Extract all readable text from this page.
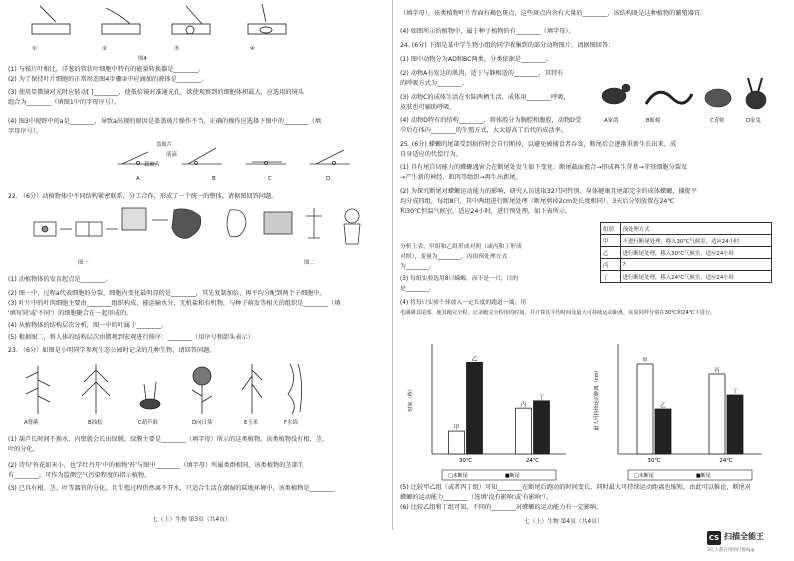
①	②	③	④
图4
(1) 与镊片叶相比，洋葱的管状叶细胞中特有的能量转换器是________。
(2) 为了保持叶片细胞的正常形态图4步骤②中应滴加的液体是________。
(3) 使用显微镜对光时应转动[ ]________，使低倍镜对准通光孔。欲使观察到的细胞体积最大，应选用的镜头
组合为________（填图1中的字母序号）。
(4) 图3中视野中的a是________，导致a出现的原因是盖盖玻片操作不当，正确的操作应选择下图中的________（填
字母序号）。
盖玻片
液滴
载玻片
A	B	C	D
22. （6分）动植物体中不同结构紧密联系，分工合作，形成了一个统一的整体。请据图回答问题。
图一	图二
(1) 动植物体的发育起点是________。
(2) 图一中，过程a代表细胞的分裂，细胞内变化最明显的是________，其先复制加倍，再平均分配到两个子细胞中。
(3) 叶片中的叶肉细胞主要由________组织构成，能运输水分、无机盐和有机物，与种子萌发等相关的组织是________（填
'填写同'或'不同'）的细胞聚合在一起形成的。
(4) 从植物体的结构层次分析，图一中的叶属于________。
(5) 根据图二，将人体的结构层次由微观到宏观进行排序：________（用序号和箭头表示）
23. （6分）如图是小明同学参观生态公园时记录的几种生物，请回答问题。
A肾蕨	B油松	C葫芦藓	D向日葵	E玉米	F水绵
(1) 葫芦长时间不换水，内壁就会长出绿膜，绿膜主要是________（填字母）所示的这类植物，该类植物没有根、茎、
叶的分化。
(2) 诗句'苔花如米小，也学牡丹开'中的植物'苔'与图中________（填字母）所属类群相同，该类植物的茎部生
有________，可作为监测空气污染程度的指示植物。
(3) 已具有根、茎、叶等器官的分化，且生殖过程仍然离不开水，只适合生活在潮湿的陆地环境中，该类植物是________
七（上）生物 第3页（共4页）
（填字母）。该类植物叶片背面有褐色斑点，这些斑点内含有大量的________，该结构既是这种植物的繁殖器官。
(4) 如图所示的植物中，属于种子植物的有________（填字母）。
24. (6分) 下图是某中学生物小组的同学收集到的部分动物图片，请据图回答：
(1) 图中动物分为AD和BC两类，分类依据是________。
(2) 动物A有发达的肌肉，适于与静相适的________，其特有
的呼吸方式为________。
(3) 动物C的成体生活在水陆两栖生活，成体用________呼吸，
皮肤也可辅助呼吸。
(4) 动物D特有的结构________，将体腔分为胸腔和腹腔，动物D受
孕后在体内________的生殖方式，大大提高了后代的成活率。
A家鸽	B蚯蚓	C青蛙	D家兔
25. (6分) 蝾螈的尾部受到损伤时会自行断掉，以避免被捕食者吞食，断尾后会逐渐重新生长出来，成
自身适应的代偿行为。
(1) 具有尾自切能力的蝾螈遇害会在断尾处发生如下变化：断尾截面愈合→形成再生芽基→芽基细胞分裂及
→产生新的神经、肌肉等组织→再生出新尾。
(2) 为探究断尾对蝾螈运动能力的影响，研究人员选取32只同性别、身体健康且尾部完全的成体蝾螈，捕捉平
均分成四组，每组8只，其中两组进行断尾处理（断尾剪掉2cm处长度相同），3天后分别放置在24℃
和30℃恒温气候室，适应24小时，进行预处理，如下表所示。
组别	预处理方式
甲	不进行断尾处理，移入30℃气候室，适应24小时
乙	进行断尾处理，移入30℃气候室，适应24小时
丙	?
丁	进行断尾处理，移入24℃气候室，适应24小时
分析上表，甲组和乙组形成对照（或丙和丁形成
对照），变量为________，丙组预处理方式
为________。
(3) 每组实验选用8只蝾螈，而不是一只，目的
是________。
(4) 将每只实验个体放入一定长度的跑道一端，用
毛刷刷其尾部，使其跑完全程，记录跑完全程用的时间，并计算其平均时间及最大可持续运动距离，实验同样分别在30℃和24℃下进行，
时间（秒）
甲
乙
30℃
丙
丁
24℃
□未断尾	■断尾
最大可持续运动距离（cm）
甲
乙
30℃
丙
丁
24℃
□未断尾	■断尾
(5) 比较甲乙组（或者丙丁组）可知________在断尾后跑动的时间变长，同时最大可持续运动距离也缩短，由此可以推论，断尾对
蝾螈的运动能力________（选填'没有影响'或'有影响'）。
(6) 比较乙组和丁组可知，不同的________对蝾螈的运动能力有一定影响。
七（上）生物 第4页（共4页）
CS 扫描全能王
3亿人都在用的扫描App
